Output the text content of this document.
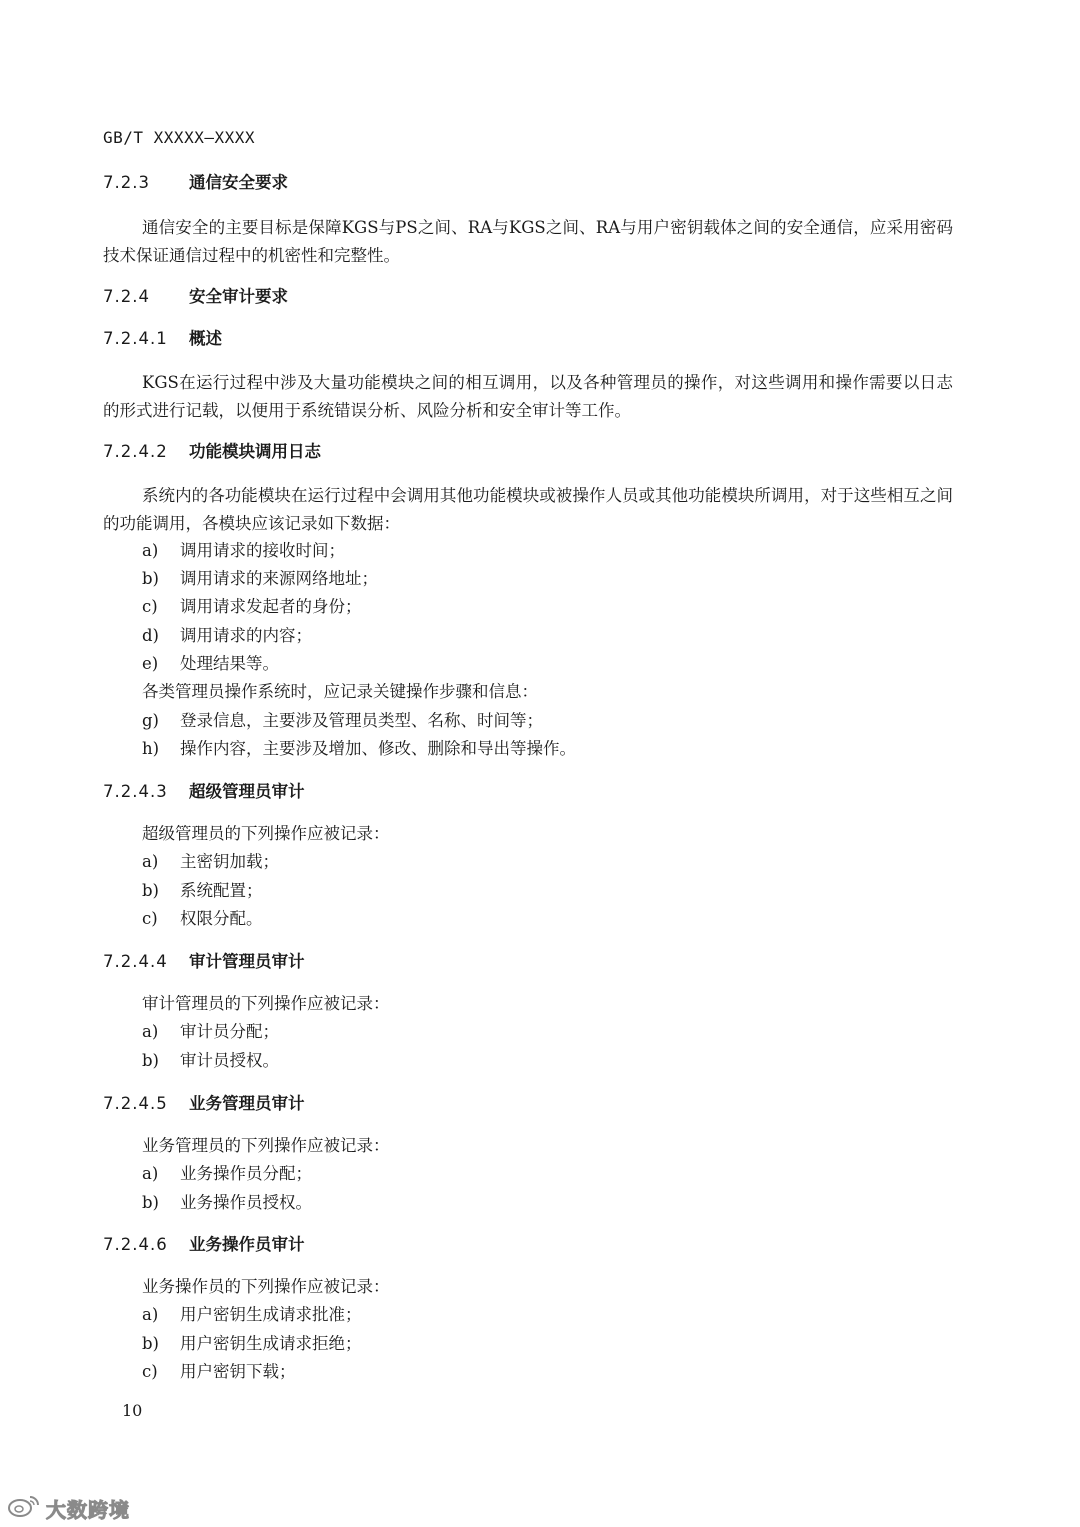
GB/T XXXXX—XXXX
7.2.3 通信安全要求
通信安全的主要目标是保障KGS与PS之间、RA与KGS之间、RA与用户密钥载体之间的安全通信，应采用密码技术保证通信过程中的机密性和完整性。
7.2.4 安全审计要求
7.2.4.1 概述
KGS在运行过程中涉及大量功能模块之间的相互调用，以及各种管理员的操作，对这些调用和操作需要以日志的形式进行记载，以便用于系统错误分析、风险分析和安全审计等工作。
7.2.4.2 功能模块调用日志
系统内的各功能模块在运行过程中会调用其他功能模块或被操作人员或其他功能模块所调用，对于这些相互之间的功能调用，各模块应该记录如下数据：
a) 调用请求的接收时间；
b) 调用请求的来源网络地址；
c) 调用请求发起者的身份；
d) 调用请求的内容；
e) 处理结果等。
各类管理员操作系统时，应记录关键操作步骤和信息：
g) 登录信息，主要涉及管理员类型、名称、时间等；
h) 操作内容，主要涉及增加、修改、删除和导出等操作。
7.2.4.3 超级管理员审计
超级管理员的下列操作应被记录：
a) 主密钥加载；
b) 系统配置；
c) 权限分配。
7.2.4.4 审计管理员审计
审计管理员的下列操作应被记录：
a) 审计员分配；
b) 审计员授权。
7.2.4.5 业务管理员审计
业务管理员的下列操作应被记录：
a) 业务操作员分配；
b) 业务操作员授权。
7.2.4.6 业务操作员审计
业务操作员的下列操作应被记录：
a) 用户密钥生成请求批准；
b) 用户密钥生成请求拒绝；
c) 用户密钥下载；
10
大数跨境
